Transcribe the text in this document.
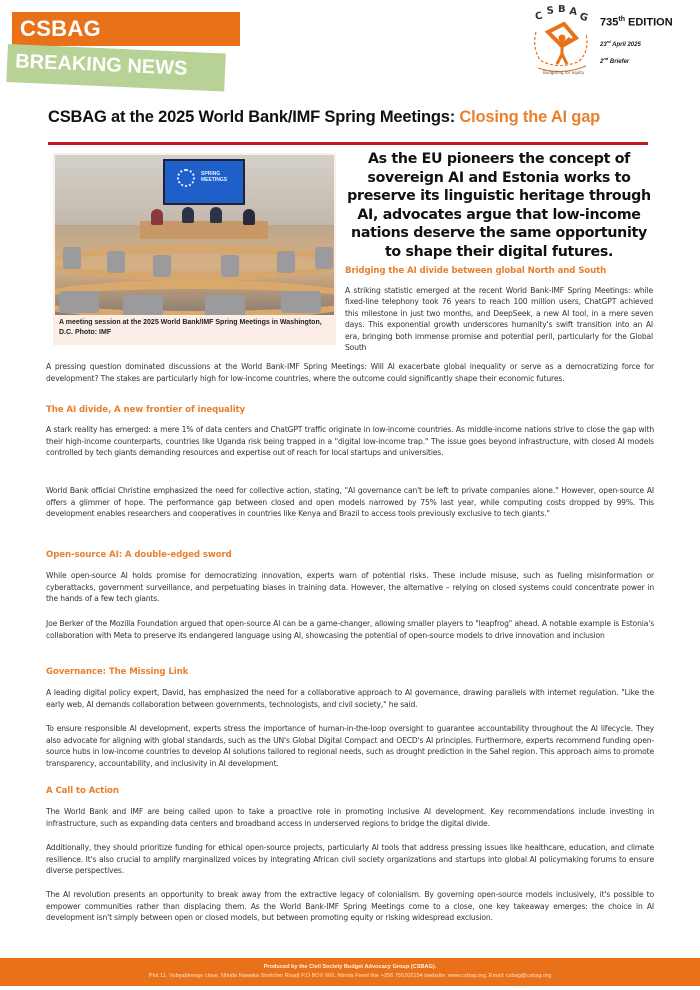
CSBAG
BREAKING NEWS
C S B A G
Budgeting for equity
735th EDITION
23rd April 2025
2nd Briefer
CSBAG at the 2025 World Bank/IMF Spring Meetings: Closing the AI gap
SPRING
MEETINGS
A meeting session at the 2025 World Bank/IMF Spring Meetings in Washington, D.C. Photo: IMF
As the EU pioneers the concept of sovereign AI and Estonia works to preserve its linguistic heritage through AI, advocates argue that low-income nations deserve the same opportunity to shape their digital futures.
Bridging the AI divide between global North and South

A striking statistic emerged at the recent World Bank-IMF Spring Meetings: while fixed-line telephony took 76 years to reach 100 million users, ChatGPT achieved this milestone in just two months, and DeepSeek, a new AI tool, in a mere seven days. This exponential growth underscores humanity's swift transition into an AI era, bringing both immense promise and potential peril, particularly for the Global South

A pressing question dominated discussions at the World Bank-IMF Spring Meetings: Will AI exacerbate global inequality or serve as a democratizing force for development? The stakes are particularly high for low-income countries, where the outcome could significantly shape their economic futures.

The AI divide, A new frontier of inequality

A stark reality has emerged: a mere 1% of data centers and ChatGPT traffic originate in low-income countries. As middle-income nations strive to close the gap with their high-income counterparts, countries like Uganda risk being trapped in a "digital low-income trap." The issue goes beyond infrastructure, with closed AI models controlled by tech giants demanding resources and expertise out of reach for local startups and universities.

World Bank official Christine emphasized the need for collective action, stating, "AI governance can't be left to private companies alone." However, open-source AI offers a glimmer of hope. The performance gap between closed and open models narrowed by 75% last year, while computing costs dropped by 99%. This development enables researchers and cooperatives in countries like Kenya and Brazil to access tools previously exclusive to tech giants."

Open-source AI: A double-edged sword

While open-source AI holds promise for democratizing innovation, experts warn of potential risks. These include misuse, such as fueling misinformation or cyberattacks, government surveillance, and perpetuating biases in training data. However, the alternative – relying on closed systems could concentrate power in the hands of a few tech giants.

Joe Berker of the Mozilla Foundation argued that open-source AI can be a game-changer, allowing smaller players to "leapfrog" ahead. A notable example is Estonia's collaboration with Meta to preserve its endangered language using AI, showcasing the potential of open-source models to drive innovation and inclusion

Governance: The Missing Link

A leading digital policy expert, David, has emphasized the need for a collaborative approach to AI governance, drawing parallels with internet regulation. "Like the early web, AI demands collaboration between governments, technologists, and civil society," he said.

To ensure responsible AI development, experts stress the importance of human-in-the-loop oversight to guarantee accountability throughout the AI lifecycle. They also advocate for aligning with global standards, such as the UN's Global Digital Compact and OECD's AI principles. Furthermore, experts recommend funding open-source hubs in low-income countries to develop AI solutions tailored to regional needs, such as drought prediction in the Sahel region. This approach aims to promote transparency, accountability, and inclusivity in AI development.

A Call to Action

The World Bank and IMF are being called upon to take a proactive role in promoting inclusive AI development. Key recommendations include investing in infrastructure, such as expanding data centers and broadband access in underserved regions to bridge the digital divide.

Additionally, they should prioritize funding for ethical open-source projects, particularly AI tools that address pressing issues like healthcare, education, and climate resilience. It's also crucial to amplify marginalized voices by integrating African civil society organizations and startups into global AI policymaking forums to ensure diverse perspectives.

The AI revolution presents an opportunity to break away from the extractive legacy of colonialism. By governing open-source models inclusively, it's possible to empower communities rather than displacing them. As the World Bank-IMF Spring Meetings come to a close, one key takeaway emerges: the choice in AI development isn't simply between open or closed models, but between promoting equity or risking widespread exclusion.

Produced by the Civil Society Budget Advocacy Group (CSBAG).
Plot 11, Vubyabirenge close, Ntinda Nawaka Stretcher Road| P.O BOX 660, Ntinda Fixed line +256 755202154 |website: www.csbag.org, Email: csbag@csbag.org
